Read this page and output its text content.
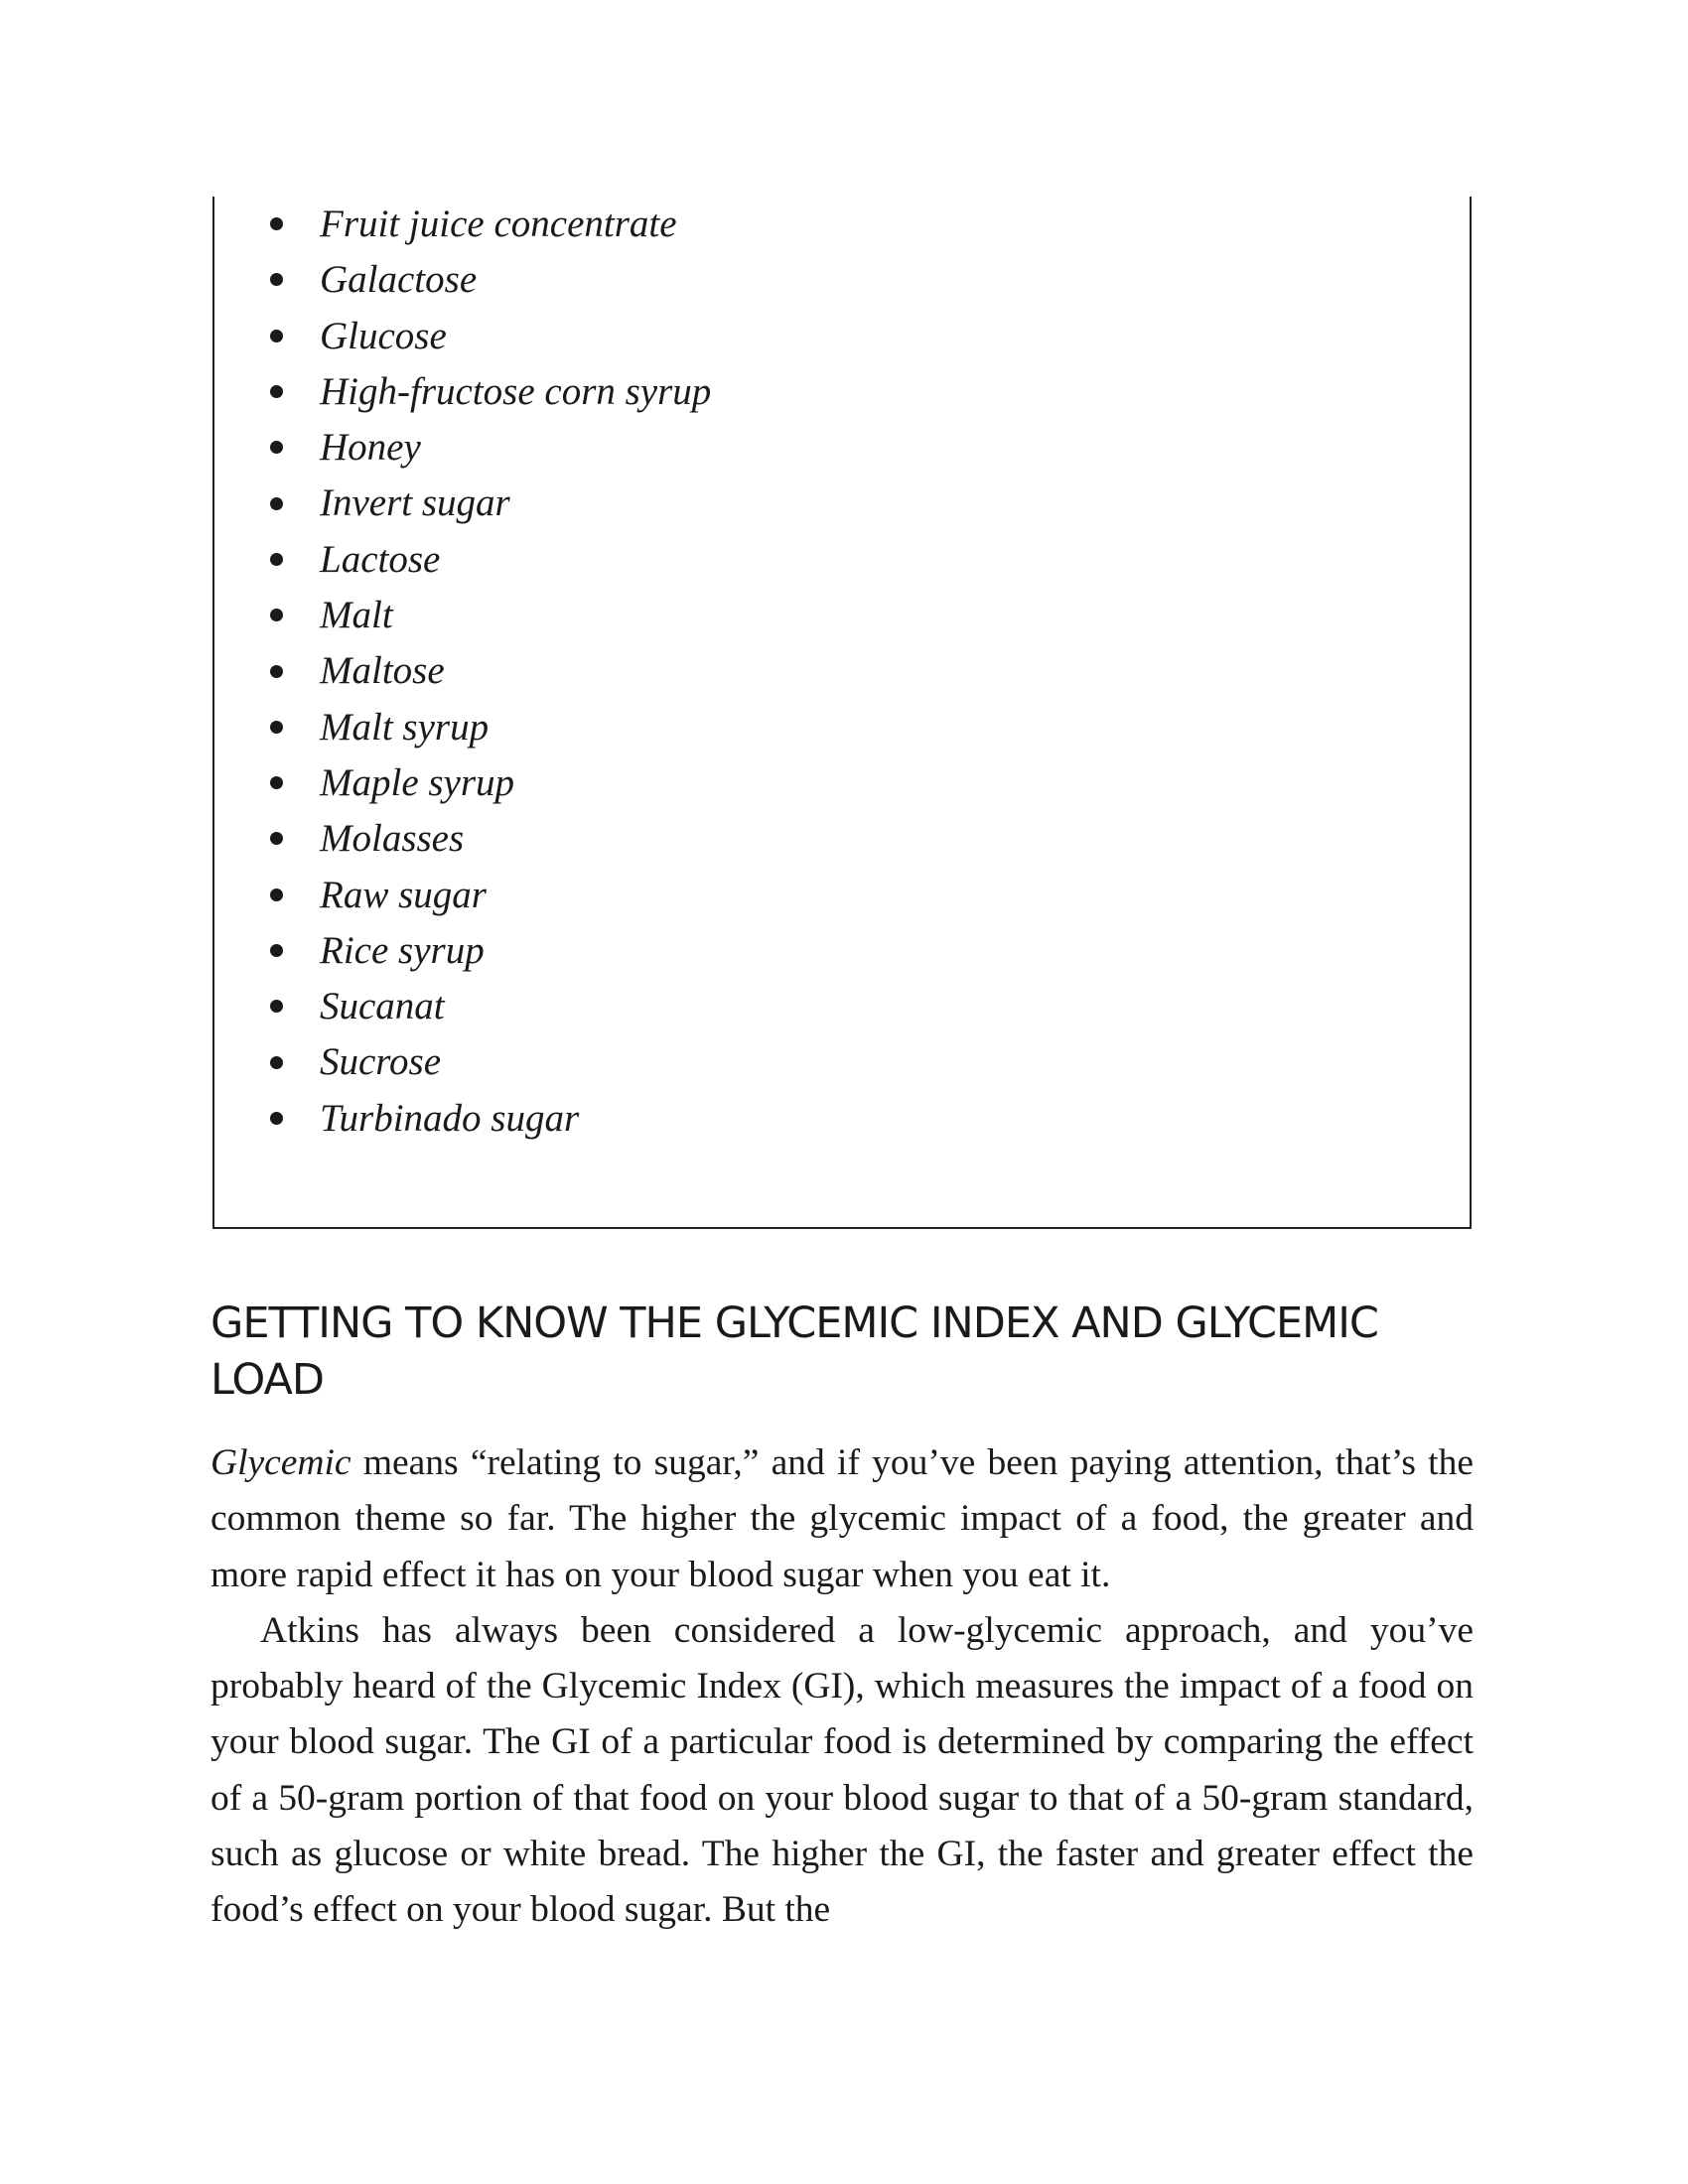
Fruit juice concentrate
Galactose
Glucose
High-fructose corn syrup
Honey
Invert sugar
Lactose
Malt
Maltose
Malt syrup
Maple syrup
Molasses
Raw sugar
Rice syrup
Sucanat
Sucrose
Turbinado sugar
GETTING TO KNOW THE GLYCEMIC INDEX AND GLYCEMIC LOAD

Glycemic means “relating to sugar,” and if you’ve been paying attention, that’s the common theme so far. The higher the glycemic impact of a food, the greater and more rapid effect it has on your blood sugar when you eat it.

Atkins has always been considered a low-glycemic approach, and you’ve probably heard of the Glycemic Index (GI), which measures the impact of a food on your blood sugar. The GI of a particular food is determined by comparing the effect of a 50-gram portion of that food on your blood sugar to that of a 50-gram standard, such as glucose or white bread. The higher the GI, the faster and greater effect the food’s effect on your blood sugar. But the
